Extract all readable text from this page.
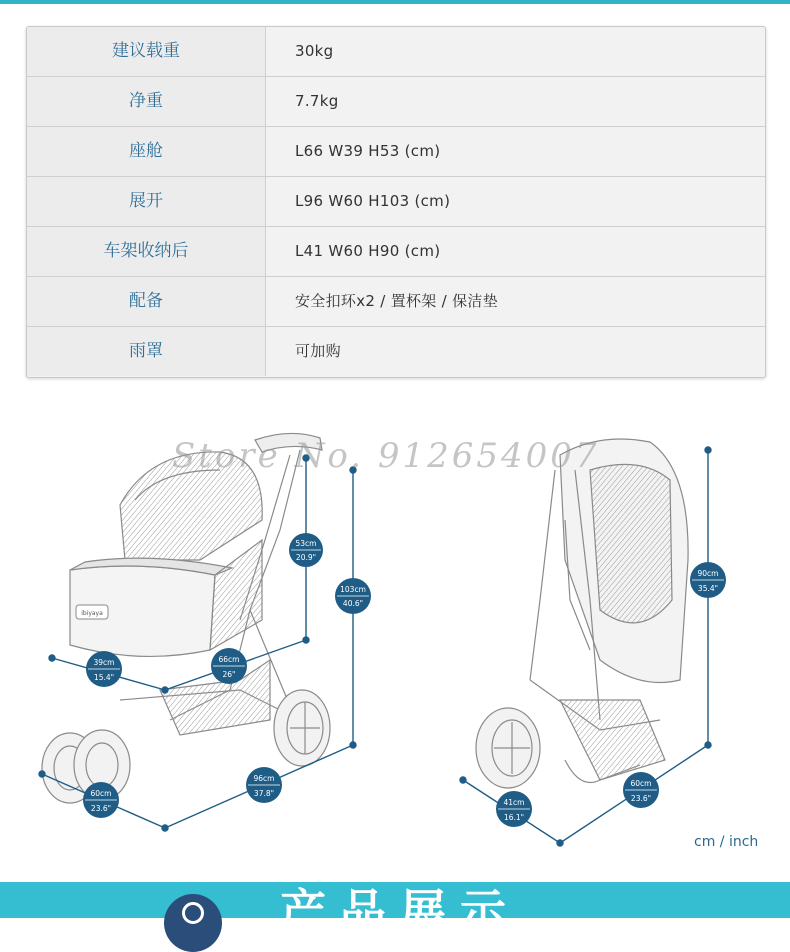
建议载重	30kg
净重	7.7kg
座舱	L66 W39 H53 (cm)
展开	L96 W60 H103 (cm)
车架收纳后	L41 W60 H90 (cm)
配备	安全扣环x2 / 置杯架 / 保洁垫
雨罩	可加购
ibiyaya
53cm
20.9"
103cm
40.6"
39cm
15.4"
66cm
26"
96cm
37.8"
60cm
23.6"
90cm
35.4"
41cm
16.1"
60cm
23.6"
Store No. 912654007
cm / inch
产品展示
